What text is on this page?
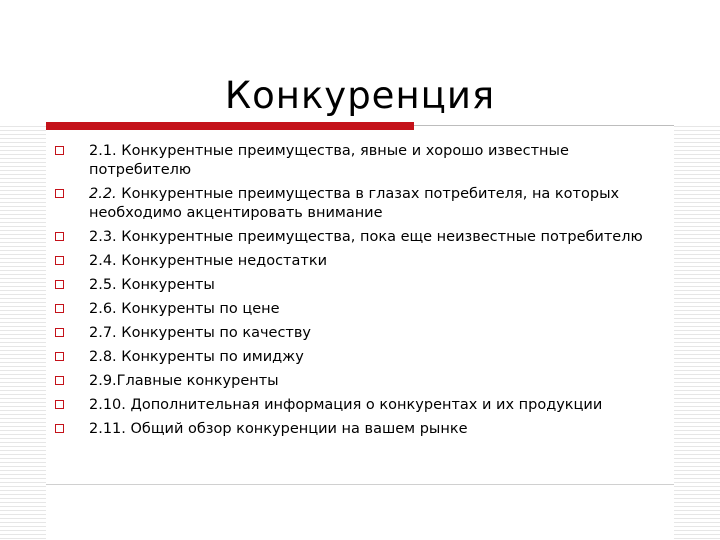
Конкуренция
2.1. Конкурентные преимущества, явные и хорошо известные потребителю
2.2. Конкурентные преимущества в глазах потребителя, на которых необходимо акцентировать внимание
2.3. Конкурентные преимущества, пока еще неизвестные потребителю
2.4. Конкурентные недостатки
2.5. Конкуренты
2.6. Конкуренты по цене
2.7. Конкуренты по качеству
2.8. Конкуренты по имиджу
2.9.Главные конкуренты
2.10. Дополнительная информация о конкурентах и их продукции
2.11. Общий обзор конкуренции на вашем рынке
